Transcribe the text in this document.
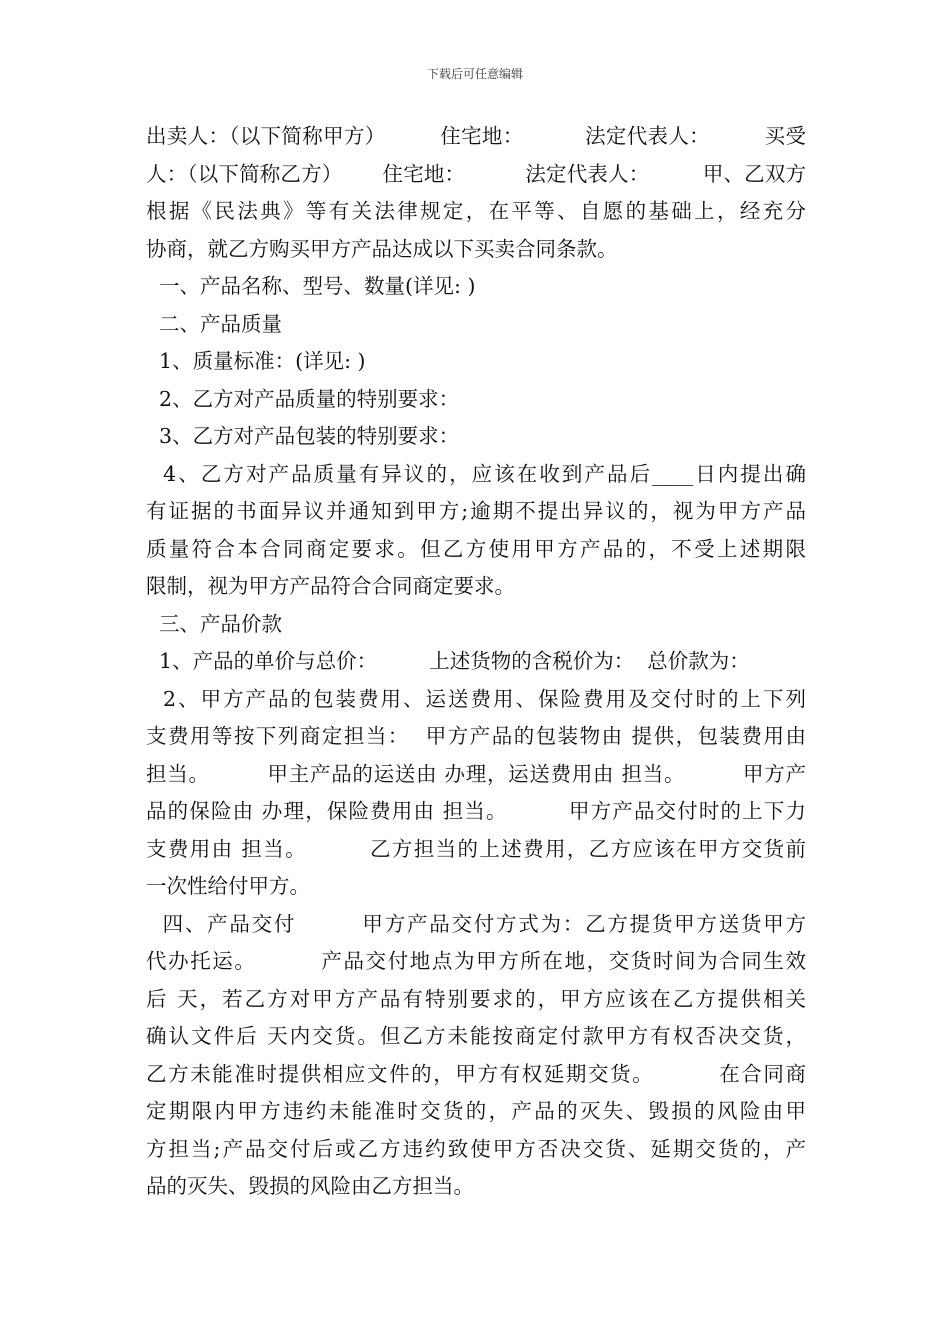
下载后可任意编辑
出卖人：（以下简称甲方）        住宅地：         法定代表人：        买受
人：（以下简称乙方）      住宅地：         法定代表人：        甲、乙双方
根据《民法典》等有关法律规定，在平等、自愿的基础上，经充分
协商，就乙方购买甲方产品达成以下买卖合同条款。
一、产品名称、型号、数量(详见: )
二、产品质量
1、质量标准：(详见: )
2、乙方对产品质量的特别要求：
3、乙方对产品包装的特别要求：
4、乙方对产品质量有异议的，应该在收到产品后____日内提出确
有证据的书面异议并通知到甲方;逾期不提出异议的，视为甲方产品
质量符合本合同商定要求。但乙方使用甲方产品的，不受上述期限
限制，视为甲方产品符合合同商定要求。
三、产品价款
1、产品的单价与总价：        上述货物的含税价为：  总价款为：
2、甲方产品的包装费用、运送费用、保险费用及交付时的上下列
支费用等按下列商定担当：  甲方产品的包装物由 提供，包装费用由
担当。        甲主产品的运送由 办理，运送费用由 担当。        甲方产
品的保险由 办理，保险费用由 担当。        甲方产品交付时的上下力
支费用由 担当。        乙方担当的上述费用，乙方应该在甲方交货前
一次性给付甲方。
四、产品交付        甲方产品交付方式为：乙方提货甲方送货甲方
代办托运。        产品交付地点为甲方所在地，交货时间为合同生效
后 天，若乙方对甲方产品有特别要求的，甲方应该在乙方提供相关
确认文件后 天内交货。但乙方未能按商定付款甲方有权否决交货，
乙方未能准时提供相应文件的，甲方有权延期交货。        在合同商
定期限内甲方违约未能准时交货的，产品的灭失、毁损的风险由甲
方担当;产品交付后或乙方违约致使甲方否决交货、延期交货的，产
品的灭失、毁损的风险由乙方担当。
